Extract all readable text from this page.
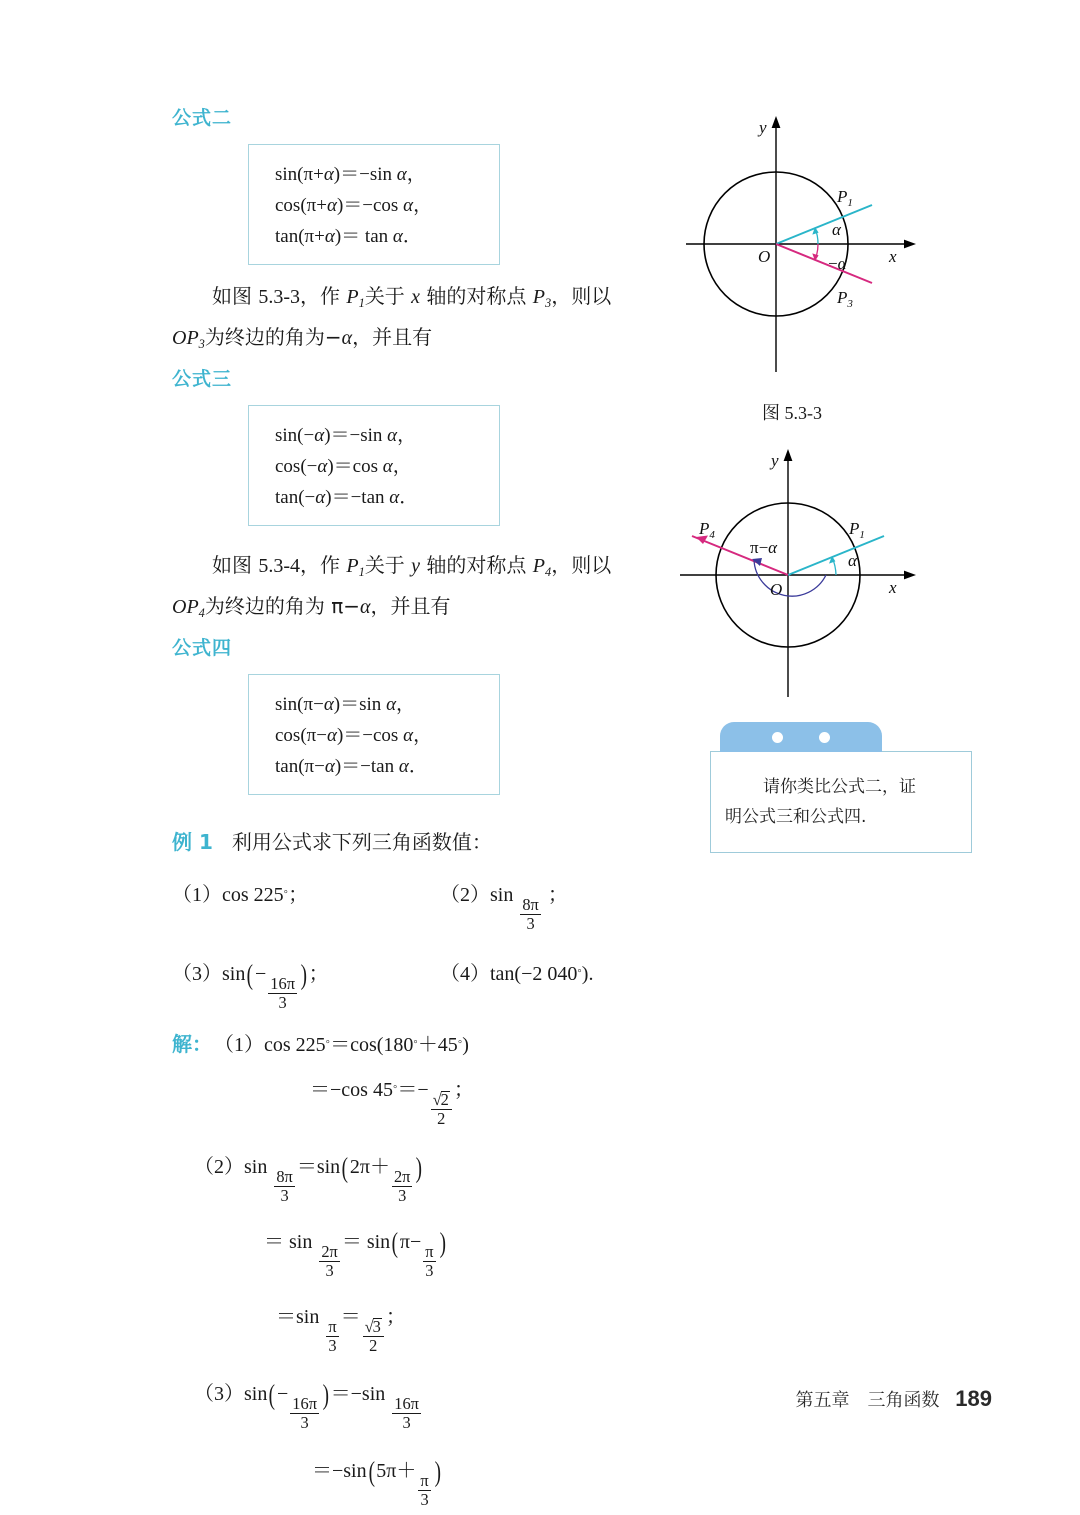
公式二

sin(π+α)＝−sin α，
cos(π+α)＝−cos α，
tan(π+α)＝ tan α．

如图 5.3-3，作 $P_1$关于 x 轴的对称点 $P_3$，则以

$OP_3$为终边的角为−α，并且有

公式三

sin(−α)＝−sin α，
cos(−α)＝cos α，
tan(−α)＝−tan α．

如图 5.3-4，作 $P_1$关于 y 轴的对称点 $P_4$，则以

$OP_4$为终边的角为 π−α，并且有

公式四

sin(π−α)＝sin α，
cos(π−α)＝−cos α，
tan(π−α)＝−tan α．
例 1 利用公式求下列三角函数值：
（1）cos 225◦；	（2）sin
$\frac{8\pi}{3}$
；
（3）sin(−
$\frac{16\pi}{3}$
)；	（4）tan(−2 040◦).
解： （1）cos 225◦＝cos(180◦＋45◦)
＝−cos 45◦＝−
$\frac{√2}{2}$
；
（2）sin
$\frac{8\pi}{3}$
＝sin(2π＋
$\frac{2\pi}{3}$
)
＝ sin
$\frac{2\pi}{3}$
＝ sin(π−
$\frac{\pi}{3}$
)
＝sin
$\frac{\pi}{3}$
＝
$\frac{√3}{2}$
；
（3）sin(−
$\frac{16\pi}{3}$
)＝−sin
$\frac{16\pi}{3}$
＝−sin(5π＋
$\frac{\pi}{3}$
)
α
−α
$P_1$
$P_3$
O	x
y
图 5.3-3
α
π−α
$P_1$
$P_4$
O	x
y
请你类比公式二，证
明公式三和公式四.
第五章　三角函数 189
